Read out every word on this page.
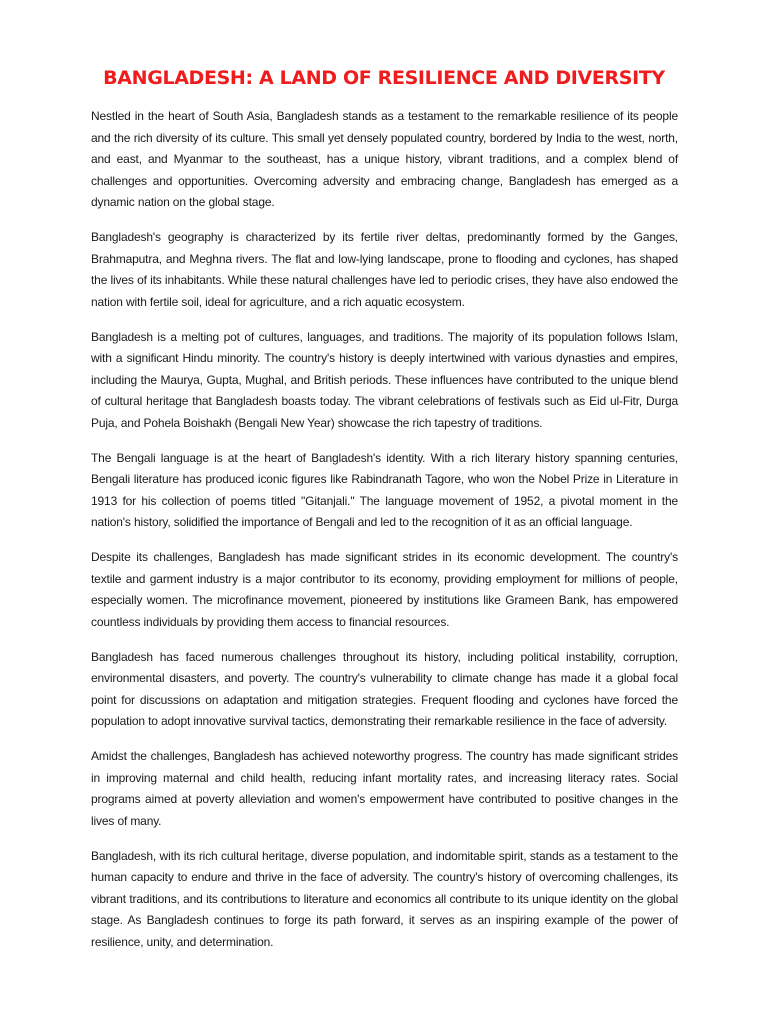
BANGLADESH: A LAND OF RESILIENCE AND DIVERSITY

Nestled in the heart of South Asia, Bangladesh stands as a testament to the remarkable resilience of its people and the rich diversity of its culture. This small yet densely populated country, bordered by India to the west, north, and east, and Myanmar to the southeast, has a unique history, vibrant traditions, and a complex blend of challenges and opportunities. Overcoming adversity and embracing change, Bangladesh has emerged as a dynamic nation on the global stage.

Bangladesh's geography is characterized by its fertile river deltas, predominantly formed by the Ganges, Brahmaputra, and Meghna rivers. The flat and low-lying landscape, prone to flooding and cyclones, has shaped the lives of its inhabitants. While these natural challenges have led to periodic crises, they have also endowed the nation with fertile soil, ideal for agriculture, and a rich aquatic ecosystem.

Bangladesh is a melting pot of cultures, languages, and traditions. The majority of its population follows Islam, with a significant Hindu minority. The country's history is deeply intertwined with various dynasties and empires, including the Maurya, Gupta, Mughal, and British periods. These influences have contributed to the unique blend of cultural heritage that Bangladesh boasts today. The vibrant celebrations of festivals such as Eid ul-Fitr, Durga Puja, and Pohela Boishakh (Bengali New Year) showcase the rich tapestry of traditions.

The Bengali language is at the heart of Bangladesh's identity. With a rich literary history spanning centuries, Bengali literature has produced iconic figures like Rabindranath Tagore, who won the Nobel Prize in Literature in 1913 for his collection of poems titled "Gitanjali." The language movement of 1952, a pivotal moment in the nation's history, solidified the importance of Bengali and led to the recognition of it as an official language.

Despite its challenges, Bangladesh has made significant strides in its economic development. The country's textile and garment industry is a major contributor to its economy, providing employment for millions of people, especially women. The microfinance movement, pioneered by institutions like Grameen Bank, has empowered countless individuals by providing them access to financial resources.

Bangladesh has faced numerous challenges throughout its history, including political instability, corruption, environmental disasters, and poverty. The country's vulnerability to climate change has made it a global focal point for discussions on adaptation and mitigation strategies. Frequent flooding and cyclones have forced the population to adopt innovative survival tactics, demonstrating their remarkable resilience in the face of adversity.

Amidst the challenges, Bangladesh has achieved noteworthy progress. The country has made significant strides in improving maternal and child health, reducing infant mortality rates, and increasing literacy rates. Social programs aimed at poverty alleviation and women's empowerment have contributed to positive changes in the lives of many.

Bangladesh, with its rich cultural heritage, diverse population, and indomitable spirit, stands as a testament to the human capacity to endure and thrive in the face of adversity. The country's history of overcoming challenges, its vibrant traditions, and its contributions to literature and economics all contribute to its unique identity on the global stage. As Bangladesh continues to forge its path forward, it serves as an inspiring example of the power of resilience, unity, and determination.
